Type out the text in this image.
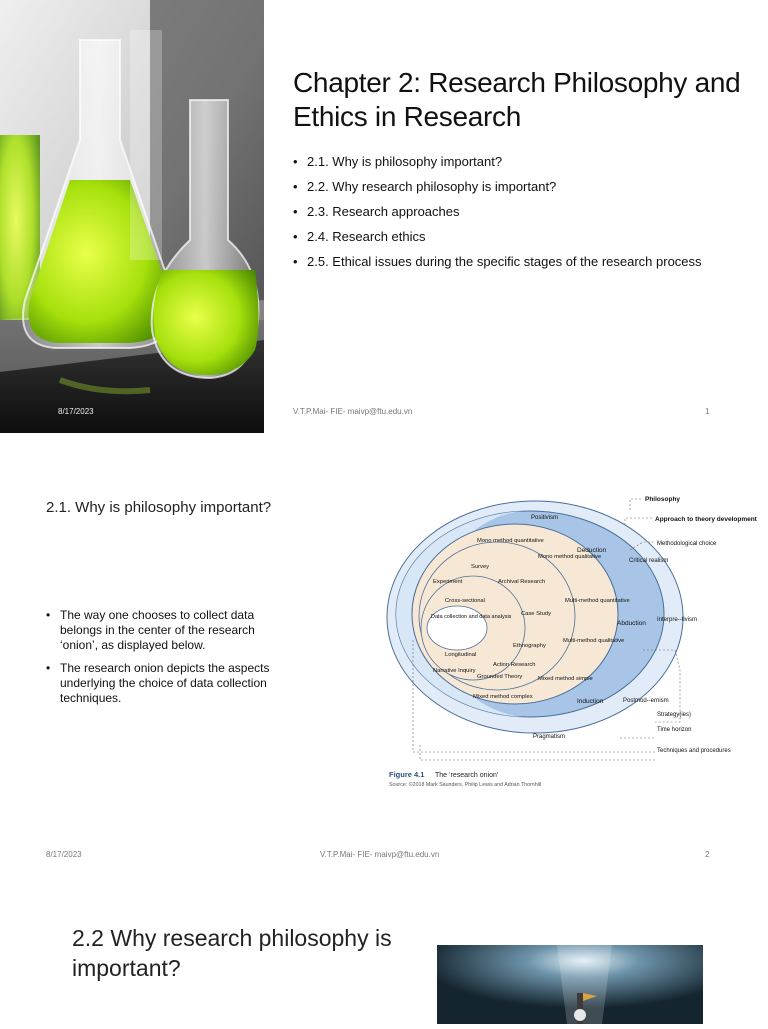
Chapter 2: Research Philosophy and Ethics in Research
• 2.1. Why is philosophy important?
• 2.2. Why research philosophy is important?
• 2.3. Research approaches
• 2.4. Research ethics
• 2.5. Ethical issues during the specific stages of the research process
8/17/2023	V.T.P.Mai- FIE- maivp@ftu.edu.vn	1
2.1. Why is philosophy important?
• The way one chooses to collect data belongs in the center of the research ‘onion’, as displayed below.
• The research onion depicts the aspects underlying the choice of data collection techniques.
Philosophy
Approach to theory development
Methodological choice
Strategy(ies)
Time horizon
Techniques and procedures
Positivism
Critical realism
Interpre--tivism
Postmod--ernism
Pragmatism
Deduction
Abduction
Induction
Mono method quantitative
Mono method qualitative
Multi-method quantitative
Multi-method qualitative
Mixed method simple
Mixed method complex
Survey
Experiment	Archival Research
Case Study
Ethnography
Action Research
Grounded Theory
Narrative Inquiry
Cross-sectional
Longitudinal
Data collection and data analysis
Figure 4.1 The ‘research onion’
Source: ©2018 Mark Saunders, Philip Lewis and Adrian Thornhill
8/17/2023	V.T.P.Mai- FIE- maivp@ftu.edu.vn	2
2.2 Why research philosophy is important?
